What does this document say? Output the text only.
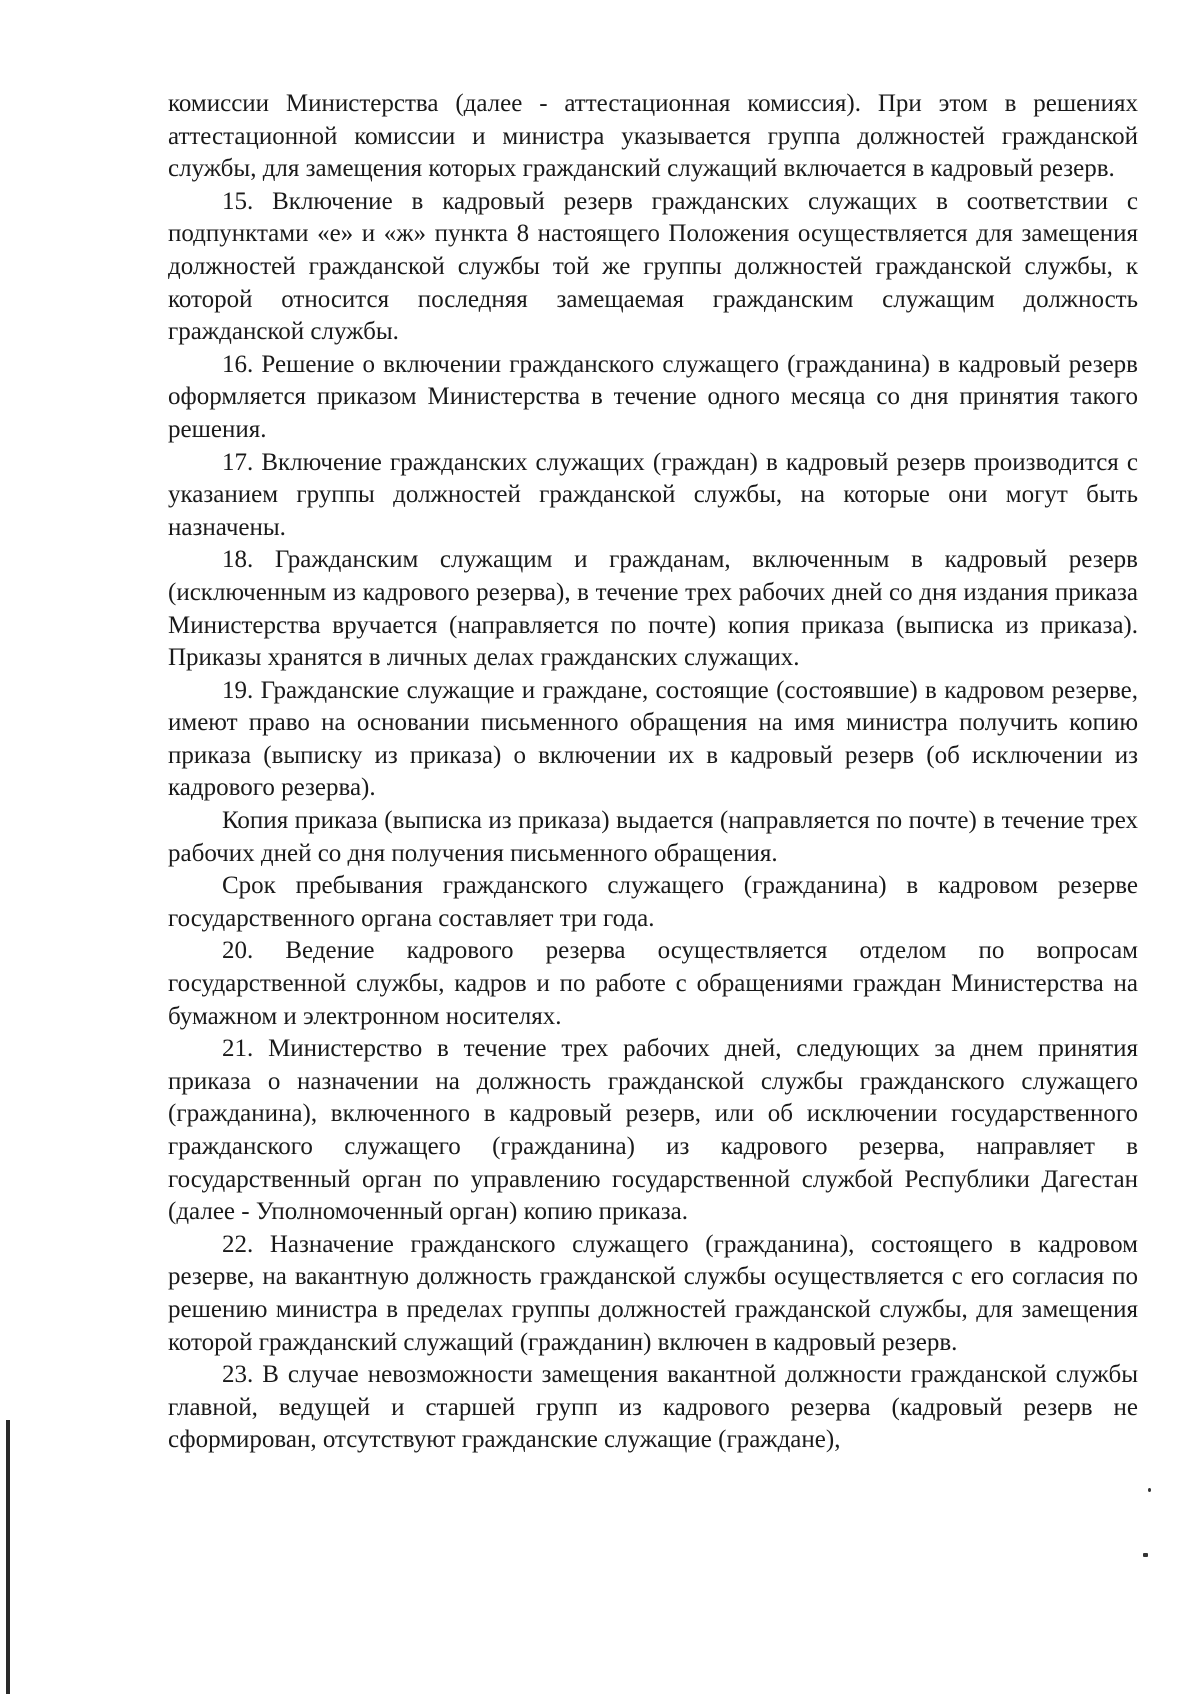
комиссии Министерства (далее - аттестационная комиссия). При этом в решениях аттестационной комиссии и министра указывается группа должностей гражданской службы, для замещения которых гражданский служащий включается в кадровый резерв.

15. Включение в кадровый резерв гражданских служащих в соответствии с подпунктами «е» и «ж» пункта 8 настоящего Положения осуществляется для замещения должностей гражданской службы той же группы должностей гражданской службы, к которой относится последняя замещаемая гражданским служащим должность гражданской службы.

16. Решение о включении гражданского служащего (гражданина) в кадровый резерв оформляется приказом Министерства в течение одного месяца со дня принятия такого решения.

17. Включение гражданских служащих (граждан) в кадровый резерв производится с указанием группы должностей гражданской службы, на которые они могут быть назначены.

18. Гражданским служащим и гражданам, включенным в кадровый резерв (исключенным из кадрового резерва), в течение трех рабочих дней со дня издания приказа Министерства вручается (направляется по почте) копия приказа (выписка из приказа). Приказы хранятся в личных делах гражданских служащих.

19. Гражданские служащие и граждане, состоящие (состоявшие) в кадровом резерве, имеют право на основании письменного обращения на имя министра получить копию приказа (выписку из приказа) о включении их в кадровый резерв (об исключении из кадрового резерва).

Копия приказа (выписка из приказа) выдается (направляется по почте) в течение трех рабочих дней со дня получения письменного обращения.

Срок пребывания гражданского служащего (гражданина) в кадровом резерве государственного органа составляет три года.

20. Ведение кадрового резерва осуществляется отделом по вопросам государственной службы, кадров и по работе с обращениями граждан Министерства на бумажном и электронном носителях.

21. Министерство в течение трех рабочих дней, следующих за днем принятия приказа о назначении на должность гражданской службы гражданского служащего (гражданина), включенного в кадровый резерв, или об исключении государственного гражданского служащего (гражданина) из кадрового резерва, направляет в государственный орган по управлению государственной службой Республики Дагестан (далее - Уполномоченный орган) копию приказа.

22. Назначение гражданского служащего (гражданина), состоящего в кадровом резерве, на вакантную должность гражданской службы осуществляется с его согласия по решению министра в пределах группы должностей гражданской службы, для замещения которой гражданский служащий (гражданин) включен в кадровый резерв.

23. В случае невозможности замещения вакантной должности гражданской службы главной, ведущей и старшей групп из кадрового резерва (кадровый резерв не сформирован, отсутствуют гражданские служащие (граждане),
